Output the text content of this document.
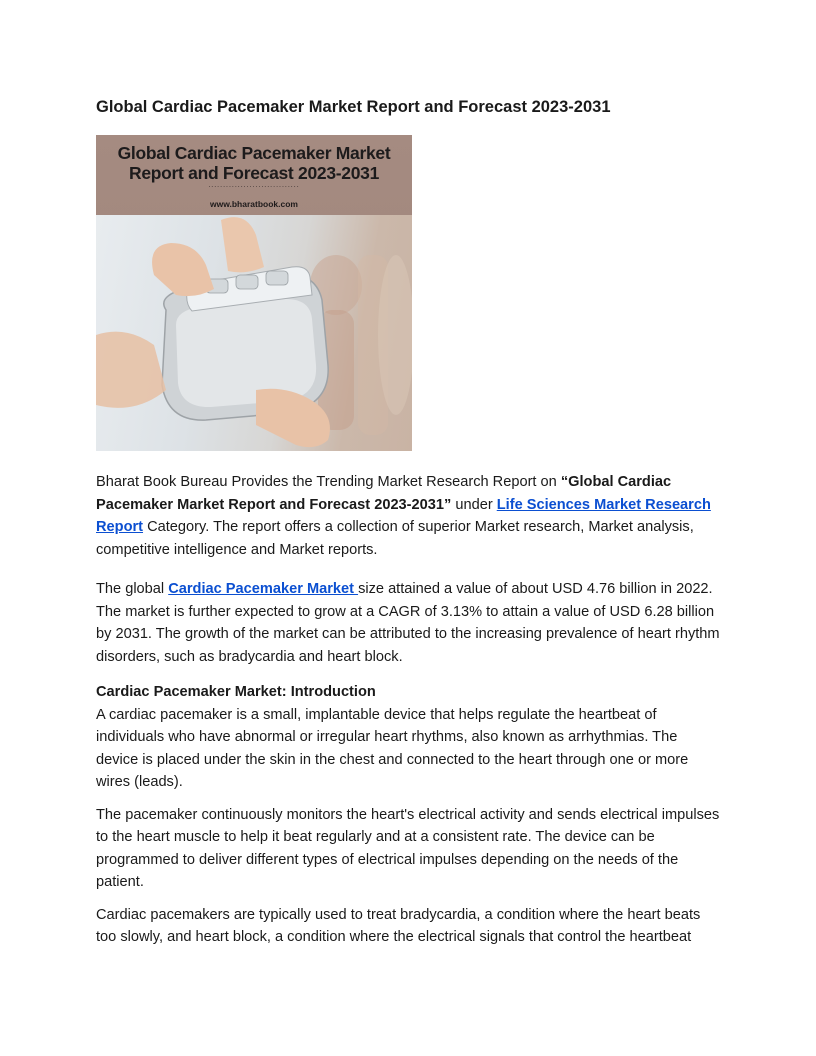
Global Cardiac Pacemaker Market Report and Forecast 2023-2031
Global Cardiac Pacemaker Market
Report and Forecast 2023-2031
...............................
www.bharatbook.com

Bharat Book Bureau Provides the Trending Market Research Report on “Global Cardiac Pacemaker Market Report and Forecast 2023-2031” under Life Sciences Market Research Report Category. The report offers a collection of superior Market research, Market analysis, competitive intelligence and Market reports.

The global Cardiac Pacemaker Market size attained a value of about USD 4.76 billion in 2022. The market is further expected to grow at a CAGR of 3.13% to attain a value of USD 6.28 billion by 2031. The growth of the market can be attributed to the increasing prevalence of heart rhythm disorders, such as bradycardia and heart block.

Cardiac Pacemaker Market: Introduction

A cardiac pacemaker is a small, implantable device that helps regulate the heartbeat of individuals who have abnormal or irregular heart rhythms, also known as arrhythmias. The device is placed under the skin in the chest and connected to the heart through one or more wires (leads).

The pacemaker continuously monitors the heart's electrical activity and sends electrical impulses to the heart muscle to help it beat regularly and at a consistent rate. The device can be programmed to deliver different types of electrical impulses depending on the needs of the patient.

Cardiac pacemakers are typically used to treat bradycardia, a condition where the heart beats too slowly, and heart block, a condition where the electrical signals that control the heartbeat
